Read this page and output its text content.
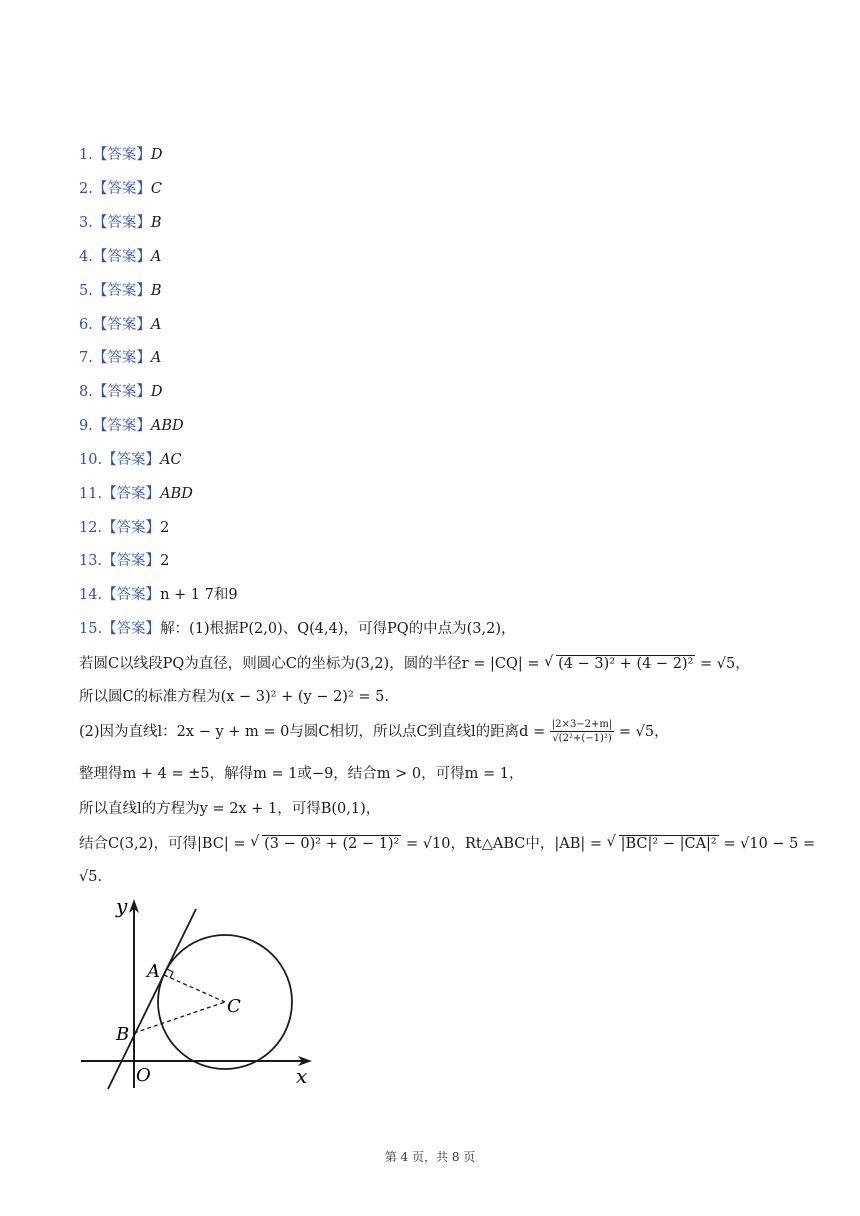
1.【答案】D
2.【答案】C
3.【答案】B
4.【答案】A
5.【答案】B
6.【答案】A
7.【答案】A
8.【答案】D
9.【答案】ABD
10.【答案】AC
11.【答案】ABD
12.【答案】2
13.【答案】2
14.【答案】n + 1 7和9
15.【答案】解：(1)根据P(2,0)、Q(4,4)，可得PQ的中点为(3,2)，
若圆C以线段PQ为直径，则圆心C的坐标为(3,2)，圆的半径r = |CQ| = √ (4 − 3)² + (4 − 2)² = √5，
所以圆C的标准方程为(x − 3)² + (y − 2)² = 5.
(2)因为直线l：2x − y + m = 0与圆C相切，所以点C到直线l的距离$d = \frac{|2\times 3-2+m|}{\text{√(2²+(−1)²)}} = √5$，
整理得m + 4 = ±5，解得m = 1或−9，结合m > 0，可得m = 1，
所以直线l的方程为y = 2x + 1，可得B(0,1)，
结合C(3,2)，可得|BC| = √ (3 − 0)² + (2 − 1)² = √10，Rt△ABC中，|AB| = √ |BC|² − |CA|² = √10 − 5 =
√5.
y
x
O
A
B
C
第 4 页，共 8 页
